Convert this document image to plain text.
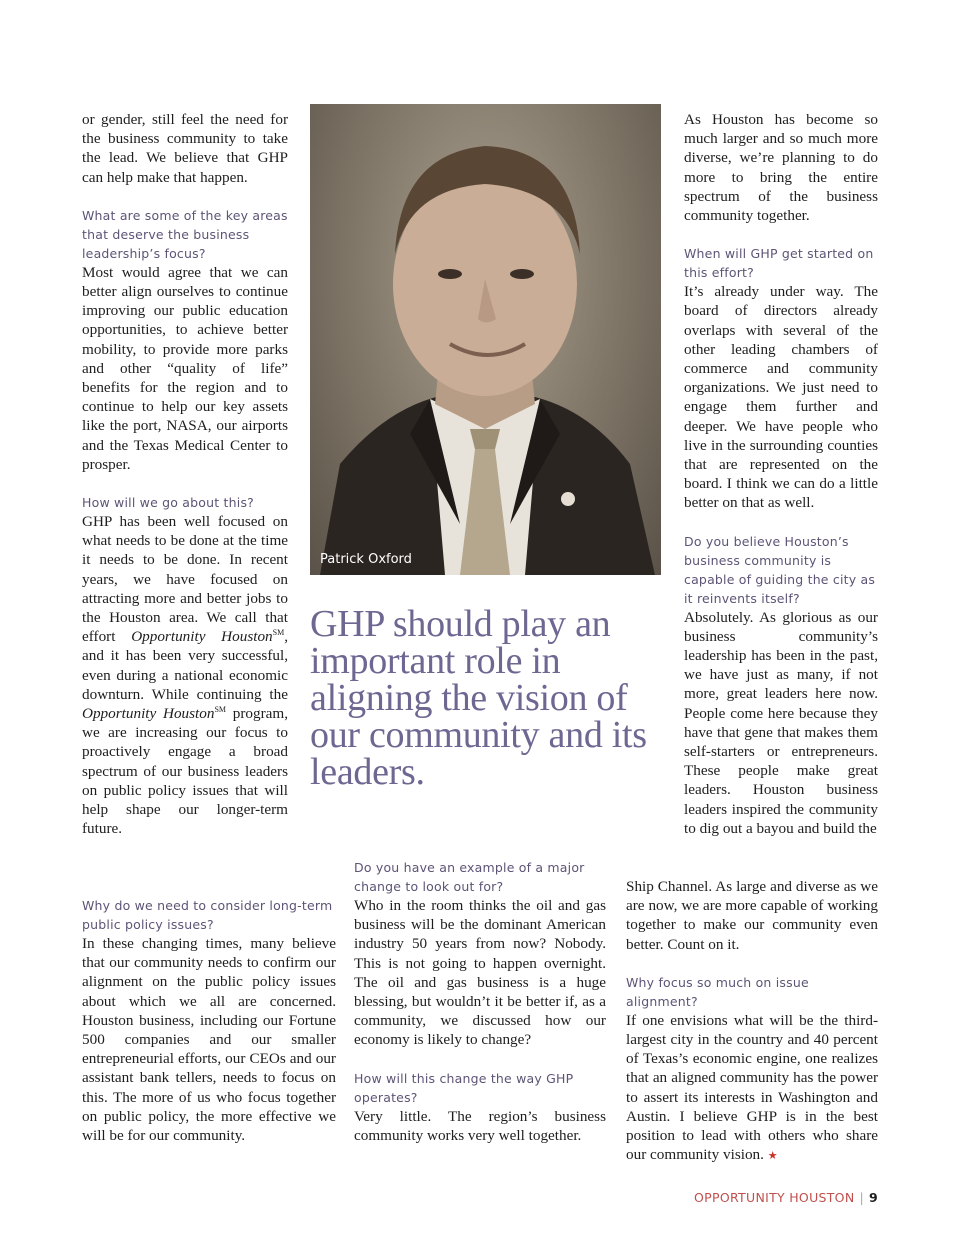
or gender, still feel the need for the business community to take the lead. We believe that GHP can help make that happen.

What are some of the key areas that deserve the business leadership’s focus?

Most would agree that we can better align ourselves to continue improving our public education opportunities, to achieve better mobility, to provide more parks and other “quality of life” benefits for the region and to continue to help our key assets like the port, NASA, our airports and the Texas Medical Center to prosper.

How will we go about this?

GHP has been well focused on what needs to be done at the time it needs to be done. In recent years, we have focused on attracting more and better jobs to the Houston area. We call that effort Opportunity Houston℠, and it has been very successful, even during a national economic downturn. While continuing the Opportunity Houston℠ program, we are increasing our focus to proactively engage a broad spectrum of our business leaders on public policy issues that will help shape our longer-term future.

Why do we need to consider long-term public policy issues?

In these changing times, many believe that our community needs to confirm our alignment on the public policy issues about which we all are concerned. Houston business, including our Fortune 500 companies and our smaller entrepreneurial efforts, our CEOs and our assistant bank tellers, needs to focus on this. The more of us who focus together on public policy, the more effective we will be for our community.

Patrick Oxford

GHP should play an important role in aligning the vision of our community and its leaders.

Do you have an example of a major change to look out for?

Who in the room thinks the oil and gas business will be the dominant American industry 50 years from now? Nobody. This is not going to happen overnight. The oil and gas business is a huge blessing, but wouldn’t it be better if, as a community, we discussed how our economy is likely to change?

How will this change the way GHP operates?

Very little. The region’s business community works very well together.

As Houston has become so much larger and so much more diverse, we’re planning to do more to bring the entire spectrum of the business community together.

When will GHP get started on this effort?

It’s already under way. The board of directors already overlaps with several of the other leading chambers of commerce and community organizations. We just need to engage them further and deeper. We have people who live in the surrounding counties that are represented on the board. I think we can do a little better on that as well.

Do you believe Houston’s business community is capable of guiding the city as it reinvents itself?

Absolutely. As glorious as our business community’s leadership has been in the past, we have just as many, if not more, great leaders here now. People come here because they have that gene that makes them self-starters or entrepreneurs. These people make great leaders. Houston business leaders inspired the community to dig out a bayou and build the

Ship Channel. As large and diverse as we are now, we are more capable of working together to make our community even better. Count on it.

Why focus so much on issue alignment?

If one envisions what will be the third-largest city in the country and 40 percent of Texas’s economic engine, one realizes that an aligned community has the power to assert its interests in Washington and Austin. I believe GHP is in the best position to lead with others who share our community vision. ★

OPPORTUNITY HOUSTON | 9
